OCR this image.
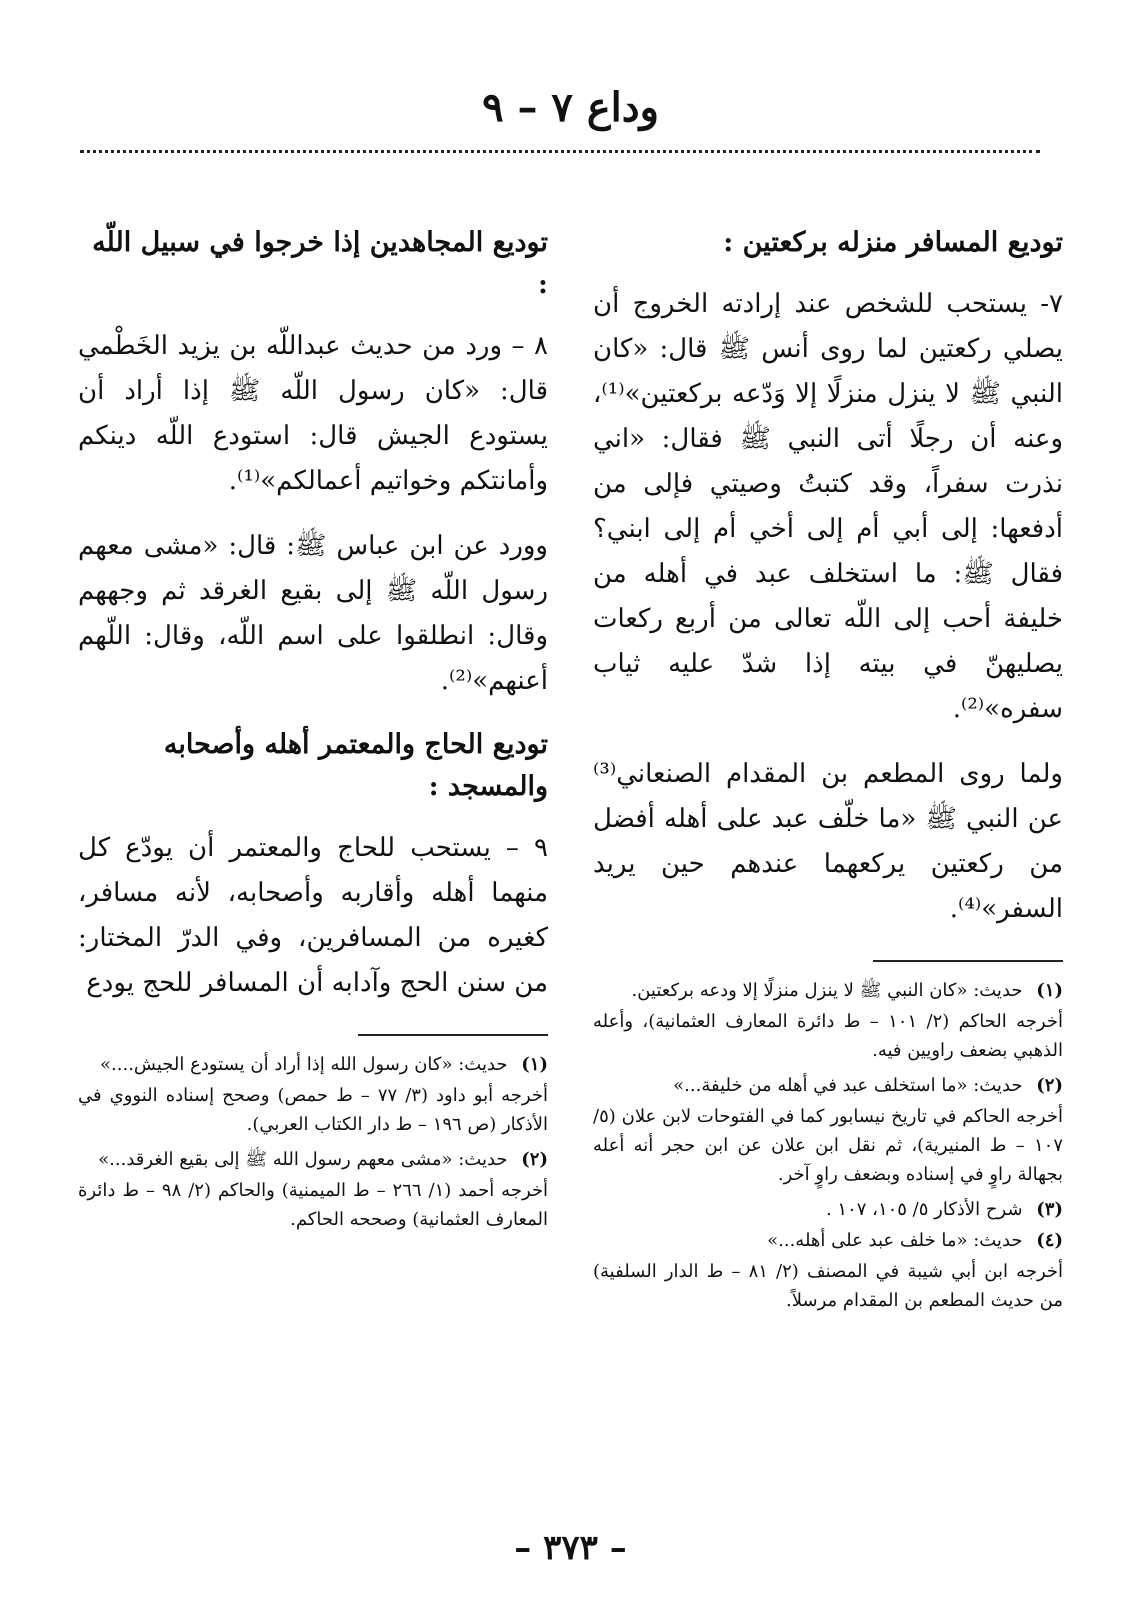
وداع ٧ – ٩
توديع المسافر منزله بركعتين :

٧- يستحب للشخص عند إرادته الخروج أن يصلي ركعتين لما روى أنس ﷺ قال: «كان النبي ﷺ لا ينزل منزلًا إلا وَدّعه بركعتين»⁽¹⁾، وعنه أن رجلًا أتى النبي ﷺ فقال: «اني نذرت سفراً، وقد كتبتُ وصيتي فإلى من أدفعها: إلى أبي أم إلى أخي أم إلى ابني؟ فقال ﷺ: ما استخلف عبد في أهله من خليفة أحب إلى اللّه تعالى من أربع ركعات يصليهنّ في بيته إذا شدّ عليه ثياب سفره»⁽²⁾.

ولما روى المطعم بن المقدام الصنعاني⁽³⁾ عن النبي ﷺ «ما خلّف عبد على أهله أفضل من ركعتين يركعهما عندهم حين يريد السفر»⁽⁴⁾.

(١) حديث: «كان النبي ﷺ لا ينزل منزلًا إلا ودعه بركعتين.
أخرجه الحاكم (٢/ ١٠١ – ط دائرة المعارف العثمانية)، وأعله الذهبي بضعف راويين فيه.
(٢) حديث: «ما استخلف عبد في أهله من خليفة...»
أخرجه الحاكم في تاريخ نيسابور كما في الفتوحات لابن علان (٥/ ١٠٧ – ط المنيرية)، ثم نقل ابن علان عن ابن حجر أنه أعله بجهالة راوٍ في إسناده وبضعف راوٍ آخر.
(٣) شرح الأذكار ٥/ ١٠٥، ١٠٧ .
(٤) حديث: «ما خلف عبد على أهله...»
أخرجه ابن أبي شيبة في المصنف (٢/ ٨١ – ط الدار السلفية) من حديث المطعم بن المقدام مرسلاً.
توديع المجاهدين إذا خرجوا في سبيل اللّه :

٨ – ورد من حديث عبداللّه بن يزيد الخَطْمي قال: «كان رسول اللّه ﷺ إذا أراد أن يستودع الجيش قال: استودع اللّه دينكم وأمانتكم وخواتيم أعمالكم»⁽¹⁾.

وورد عن ابن عباس ﷺ: قال: «مشى معهم رسول اللّه ﷺ إلى بقيع الغرقد ثم وجههم وقال: انطلقوا على اسم اللّه، وقال: اللّهم أعنهم»⁽²⁾.

توديع الحاج والمعتمر أهله وأصحابه والمسجد :

٩ – يستحب للحاج والمعتمر أن يودّع كل منهما أهله وأقاربه وأصحابه، لأنه مسافر، كغيره من المسافرين، وفي الدرّ المختار: من سنن الحج وآدابه أن المسافر للحج يودع

(١) حديث: «كان رسول الله إذا أراد أن يستودع الجيش....»
أخرجه أبو داود (٣/ ٧٧ – ط حمص) وصحح إسناده النووي في الأذكار (ص ١٩٦ – ط دار الكتاب العربي).
(٢) حديث: «مشى معهم رسول الله ﷺ إلى بقيع الغرقد...»
أخرجه أحمد (١/ ٢٦٦ – ط الميمنية) والحاكم (٢/ ٩٨ – ط دائرة المعارف العثمانية) وصححه الحاكم.
– ٣٧٣ –
